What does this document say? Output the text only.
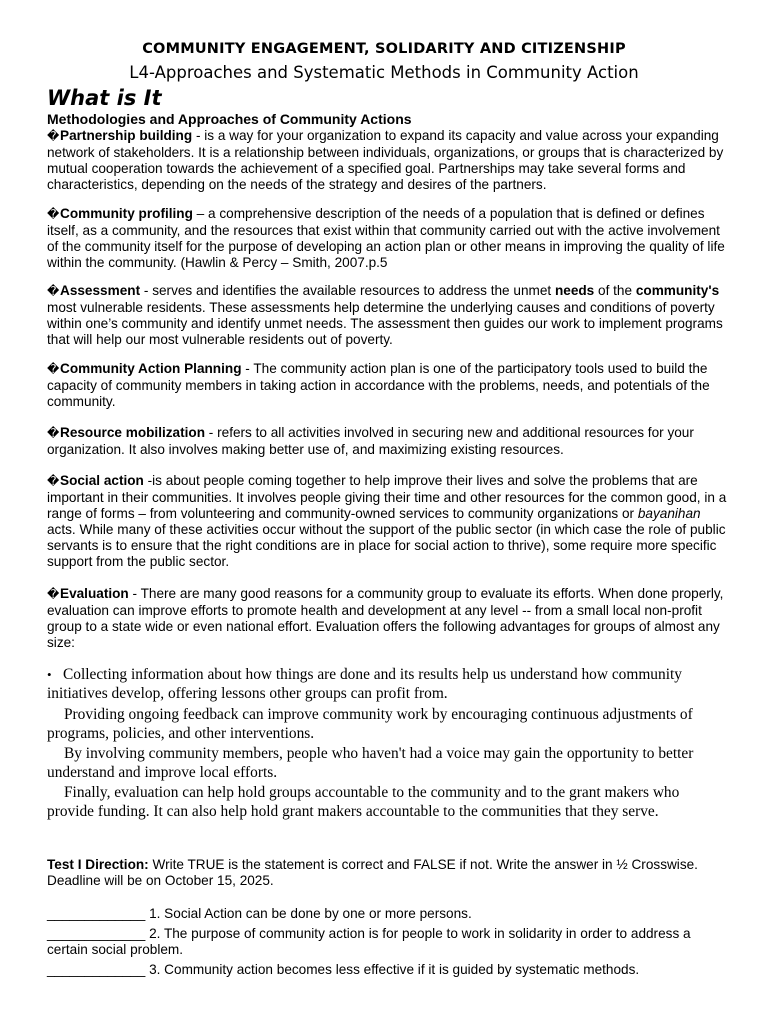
COMMUNITY ENGAGEMENT, SOLIDARITY AND CITIZENSHIP
L4-Approaches and Systematic Methods in Community Action
What is It
Methodologies and Approaches of Community Actions
�Partnership building - is a way for your organization to expand its capacity and value across your expanding network of stakeholders. It is a relationship between individuals, organizations, or groups that is characterized by mutual cooperation towards the achievement of a specified goal. Partnerships may take several forms and characteristics, depending on the needs of the strategy and desires of the partners.
�Community profiling – a comprehensive description of the needs of a population that is defined or defines itself, as a community, and the resources that exist within that community carried out with the active involvement of the community itself for the purpose of developing an action plan or other means in improving the quality of life within the community. (Hawlin & Percy – Smith, 2007.p.5
�Assessment - serves and identifies the available resources to address the unmet needs of the community's most vulnerable residents. These assessments help determine the underlying causes and conditions of poverty within one’s community and identify unmet needs. The assessment then guides our work to implement programs that will help our most vulnerable residents out of poverty.
�Community Action Planning - The community action plan is one of the participatory tools used to build the capacity of community members in taking action in accordance with the problems, needs, and potentials of the community.
�Resource mobilization - refers to all activities involved in securing new and additional resources for your organization. It also involves making better use of, and maximizing existing resources.
�Social action -is about people coming together to help improve their lives and solve the problems that are important in their communities. It involves people giving their time and other resources for the common good, in a range of forms – from volunteering and community-owned services to community organizations or bayanihan acts. While many of these activities occur without the support of the public sector (in which case the role of public servants is to ensure that the right conditions are in place for social action to thrive), some require more specific support from the public sector.
�Evaluation - There are many good reasons for a community group to evaluate its efforts. When done properly, evaluation can improve efforts to promote health and development at any level -- from a small local non-profit group to a state wide or even national effort. Evaluation offers the following advantages for groups of almost any size:
• Collecting information about how things are done and its results help us understand how community initiatives develop, offering lessons other groups can profit from.
Providing ongoing feedback can improve community work by encouraging continuous adjustments of programs, policies, and other interventions.
By involving community members, people who haven't had a voice may gain the opportunity to better understand and improve local efforts.
Finally, evaluation can help hold groups accountable to the community and to the grant makers who provide funding. It can also help hold grant makers accountable to the communities that they serve.
Test I Direction: Write TRUE is the statement is correct and FALSE if not. Write the answer in ½ Crosswise. Deadline will be on October 15, 2025.
_____________ 1. Social Action can be done by one or more persons.
_____________ 2. The purpose of community action is for people to work in solidarity in order to address a certain social problem.
_____________ 3. Community action becomes less effective if it is guided by systematic methods.
